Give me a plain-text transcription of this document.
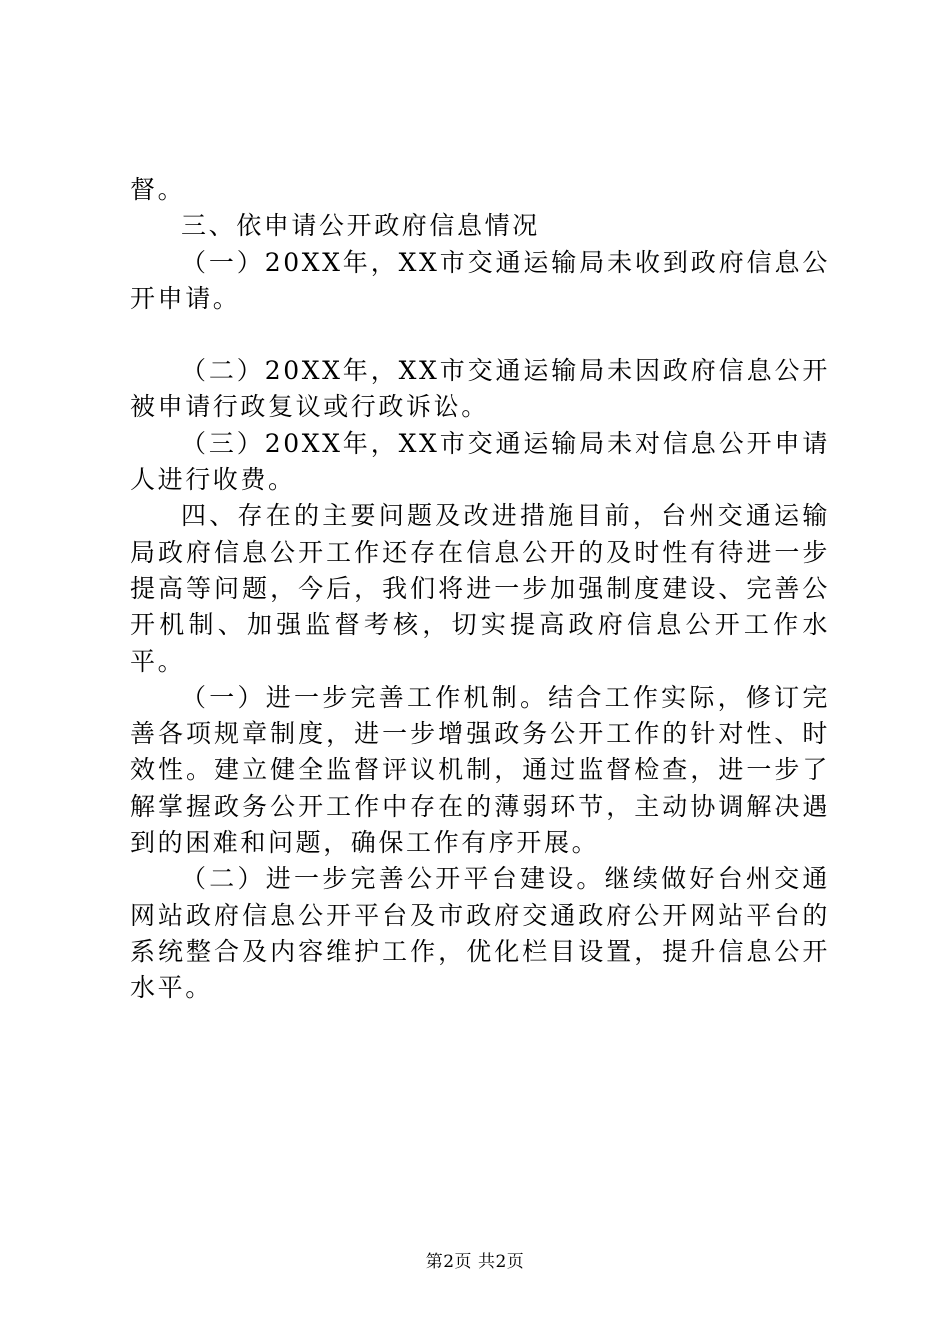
督。

三、依申请公开政府信息情况

（一）20XX年，XX市交通运输局未收到政府信息公开申请。

（二）20XX年，XX市交通运输局未因政府信息公开被申请行政复议或行政诉讼。

（三）20XX年，XX市交通运输局未对信息公开申请人进行收费。

四、存在的主要问题及改进措施目前，台州交通运输局政府信息公开工作还存在信息公开的及时性有待进一步提高等问题，今后，我们将进一步加强制度建设、完善公开机制、加强监督考核，切实提高政府信息公开工作水平。

（一）进一步完善工作机制。结合工作实际，修订完善各项规章制度，进一步增强政务公开工作的针对性、时效性。建立健全监督评议机制，通过监督检查，进一步了解掌握政务公开工作中存在的薄弱环节，主动协调解决遇到的困难和问题，确保工作有序开展。

（二）进一步完善公开平台建设。继续做好台州交通网站政府信息公开平台及市政府交通政府公开网站平台的系统整合及内容维护工作，优化栏目设置，提升信息公开水平。

第2页 共2页
